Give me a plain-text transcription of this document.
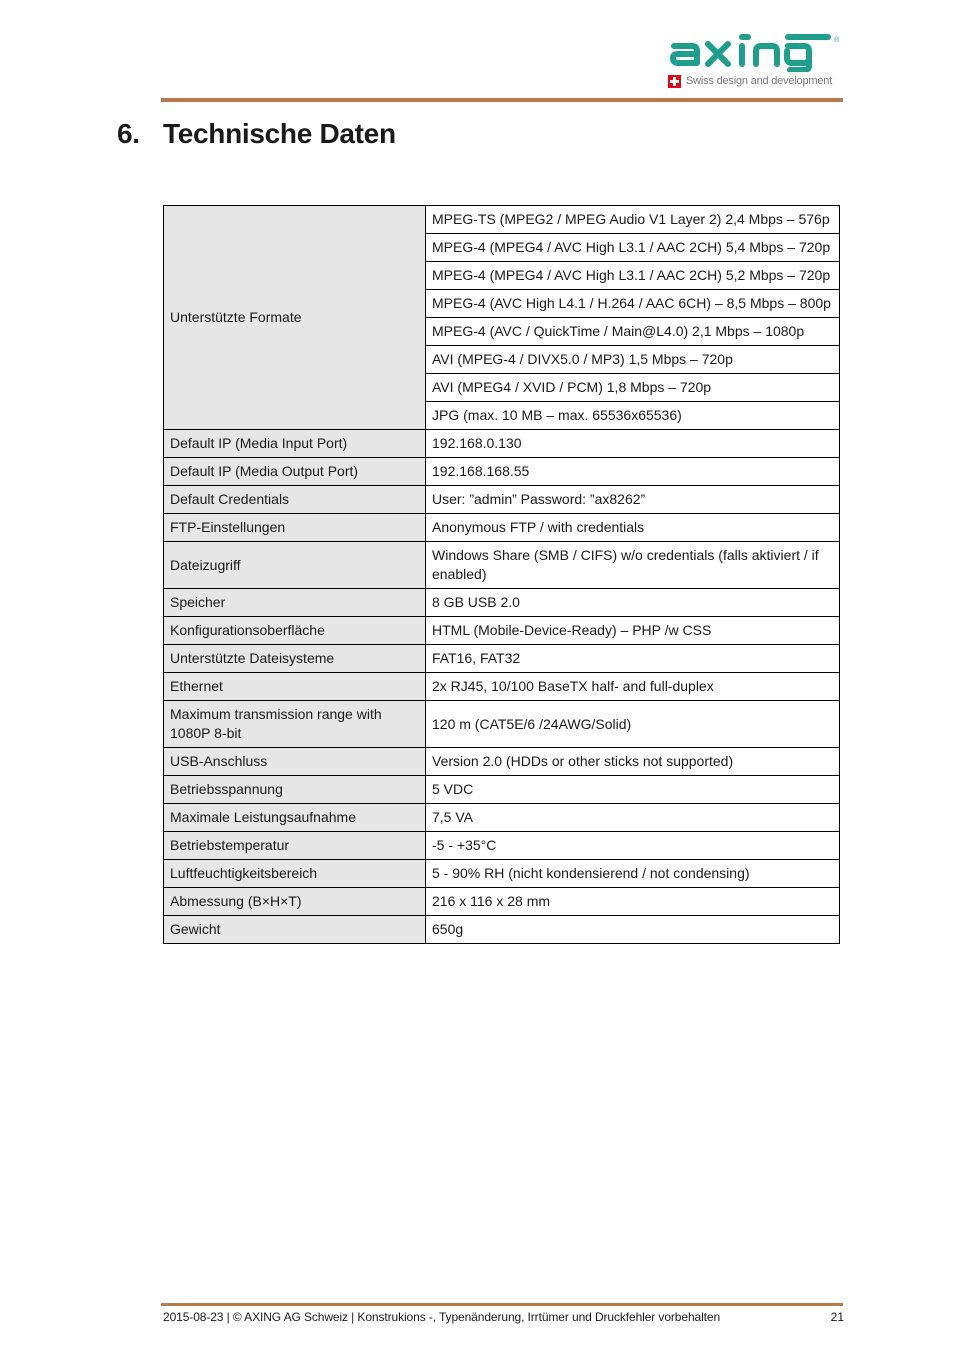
®
Swiss design and development
6. Technische Daten
Unterstützte Formate	MPEG-TS (MPEG2 / MPEG Audio V1 Layer 2) 2,4 Mbps – 576p
	MPEG-4 (MPEG4 / AVC High L3.1 / AAC 2CH) 5,4 Mbps – 720p
	MPEG-4 (MPEG4 / AVC High L3.1 / AAC 2CH) 5,2 Mbps – 720p
	MPEG-4 (AVC High L4.1 / H.264 / AAC 6CH) – 8,5 Mbps – 800p
	MPEG-4 (AVC / QuickTime / Main@L4.0) 2,1 Mbps – 1080p
	AVI (MPEG-4 / DIVX5.0 / MP3) 1,5 Mbps – 720p
	AVI (MPEG4 / XVID / PCM) 1,8 Mbps – 720p
	JPG (max. 10 MB – max. 65536x65536)
Default IP (Media Input Port)	192.168.0.130
Default IP (Media Output Port)	192.168.168.55
Default Credentials	User: ”admin” Password: ”ax8262”
FTP-Einstellungen	Anonymous FTP / with credentials
Dateizugriff	Windows Share (SMB / CIFS) w/o credentials (falls aktiviert / if enabled)
Speicher	8 GB USB 2.0
Konfigurationsoberfläche	HTML (Mobile-Device-Ready) – PHP /w CSS
Unterstützte Dateisysteme	FAT16, FAT32
Ethernet	2x RJ45, 10/100 BaseTX half- and full-duplex
Maximum transmission range with 1080P 8-bit	120 m (CAT5E/6 /24AWG/Solid)
USB-Anschluss	Version 2.0 (HDDs or other sticks not supported)
Betriebsspannung	5 VDC
Maximale Leistungsaufnahme	7,5 VA
Betriebstemperatur	-5 - +35°C
Luftfeuchtigkeitsbereich	5 - 90% RH (nicht kondensierend / not condensing)
Abmessung (B×H×T)	216 x 116 x 28 mm
Gewicht	650g
2015-08-23 | © AXING AG Schweiz | Konstrukions -, Typenänderung, Irrtümer und Druckfehler vorbehalten	21
